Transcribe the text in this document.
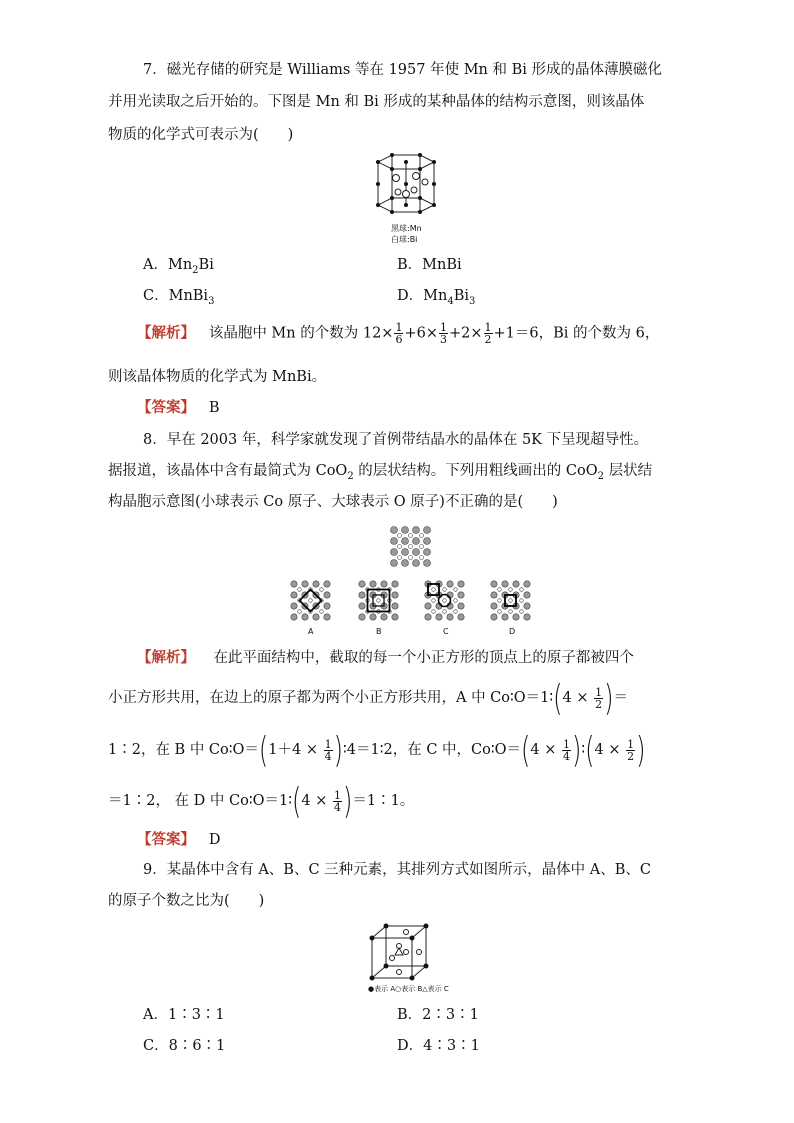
7．磁光存储的研究是 Williams 等在 1957 年使 Mn 和 Bi 形成的晶体薄膜磁化
并用光读取之后开始的。下图是 Mn 和 Bi 形成的某种晶体的结构示意图，则该晶体
物质的化学式可表示为(　　)
黑球:Mn
白球:Bi
A．$Mn_2Bi$	B．MnBi
C．MnBi$_3$	D．$Mn_4Bi_3$
【解析】 该晶胞中 Mn 的个数为 $12\times \frac{1}{6} +6\times \frac{1}{3} +2\times \frac{1}{2} +1=6$，Bi 的个数为 6，
则该晶体物质的化学式为 MnBi。
【答案】 B
8．早在 2003 年，科学家就发现了首例带结晶水的晶体在 5K 下呈现超导性。
据报道，该晶体中含有最简式为 CoO$_2$ 的层状结构。下列用粗线画出的 CoO$_2$ 层状结
构晶胞示意图(小球表示 Co 原子、大球表示 O 原子)不正确的是(　　)
A	B	C	D
【解析】 在此平面结构中，截取的每一个小正方形的顶点上的原子都被四个
小正方形共用，在边上的原子都为两个小正方形共用，A 中 Co∶O＝1∶(4 × $\frac{1}{2}$ )＝
1∶2，在 B 中 Co∶O＝(1＋4 × $\frac{1}{4}$ )∶4＝1∶2，在 C 中，Co∶O＝(4 × $\frac{1}{4}$ )∶(4 × $\frac{1}{2}$ )
＝1∶2， 在 D 中 Co∶O＝1∶(4 × $\frac{1}{4}$ )＝1∶1。
【答案】 D
9．某晶体中含有 A、B、C 三种元素，其排列方式如图所示，晶体中 A、B、C
的原子个数之比为(　　)
●表示 A○表示 B△表示 C
A．1∶3∶1	B．2∶3∶1
C．8∶6∶1	D．4∶3∶1
